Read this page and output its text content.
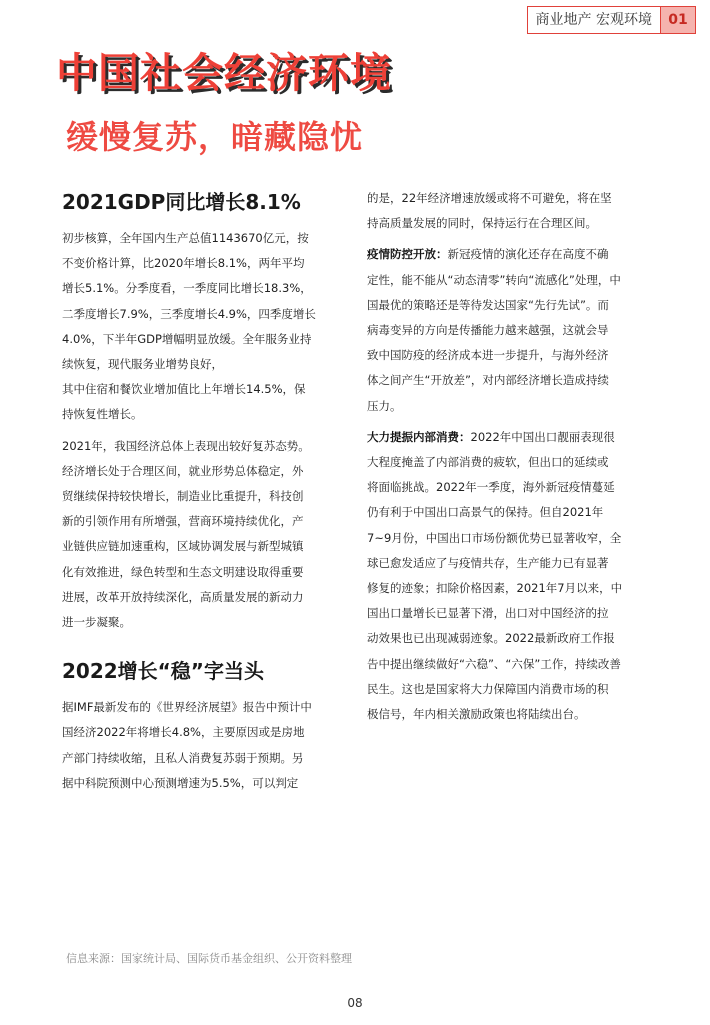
商业地产 宏观环境	01
中国社会经济环境
缓慢复苏，暗藏隐忧
2021GDP同比增长8.1%

初步核算，全年国内生产总值1143670亿元，按
不变价格计算，比2020年增长8.1%，两年平均
增长5.1%。分季度看，一季度同比增长18.3%，
二季度增长7.9%，三季度增长4.9%，四季度增长
4.0%，下半年GDP增幅明显放缓。全年服务业持
续恢复，现代服务业增势良好，
其中住宿和餐饮业增加值比上年增长14.5%，保
持恢复性增长。

2021年，我国经济总体上表现出较好复苏态势。
经济增长处于合理区间，就业形势总体稳定，外
贸继续保持较快增长，制造业比重提升，科技创
新的引领作用有所增强，营商环境持续优化，产
业链供应链加速重构，区域协调发展与新型城镇
化有效推进，绿色转型和生态文明建设取得重要
进展，改革开放持续深化，高质量发展的新动力
进一步凝聚。

2022增长“稳”字当头

据IMF最新发布的《世界经济展望》报告中预计中
国经济2022年将增长4.8%，主要原因或是房地
产部门持续收缩，且私人消费复苏弱于预期。另
据中科院预测中心预测增速为5.5%，可以判定

的是，22年经济增速放缓或将不可避免，将在坚
持高质量发展的同时，保持运行在合理区间。

疫情防控开放：新冠疫情的演化还存在高度不确
定性，能不能从“动态清零”转向“流感化”处理，中
国最优的策略还是等待发达国家“先行先试”。而
病毒变异的方向是传播能力越来越强，这就会导
致中国防疫的经济成本进一步提升，与海外经济
体之间产生“开放差”，对内部经济增长造成持续
压力。

大力提振内部消费：2022年中国出口靓丽表现很
大程度掩盖了内部消费的疲软，但出口的延续或
将面临挑战。2022年一季度，海外新冠疫情蔓延
仍有利于中国出口高景气的保持。但自2021年
7~9月份，中国出口市场份额优势已显著收窄，全
球已愈发适应了与疫情共存，生产能力已有显著
修复的迹象；扣除价格因素，2021年7月以来，中
国出口量增长已显著下滑，出口对中国经济的拉
动效果也已出现减弱迹象。2022最新政府工作报
告中提出继续做好“六稳”、“六保”工作，持续改善
民生。这也是国家将大力保障国内消费市场的积
极信号，年内相关激励政策也将陆续出台。

信息来源：国家统计局、国际货币基金组织、公开资料整理
08
